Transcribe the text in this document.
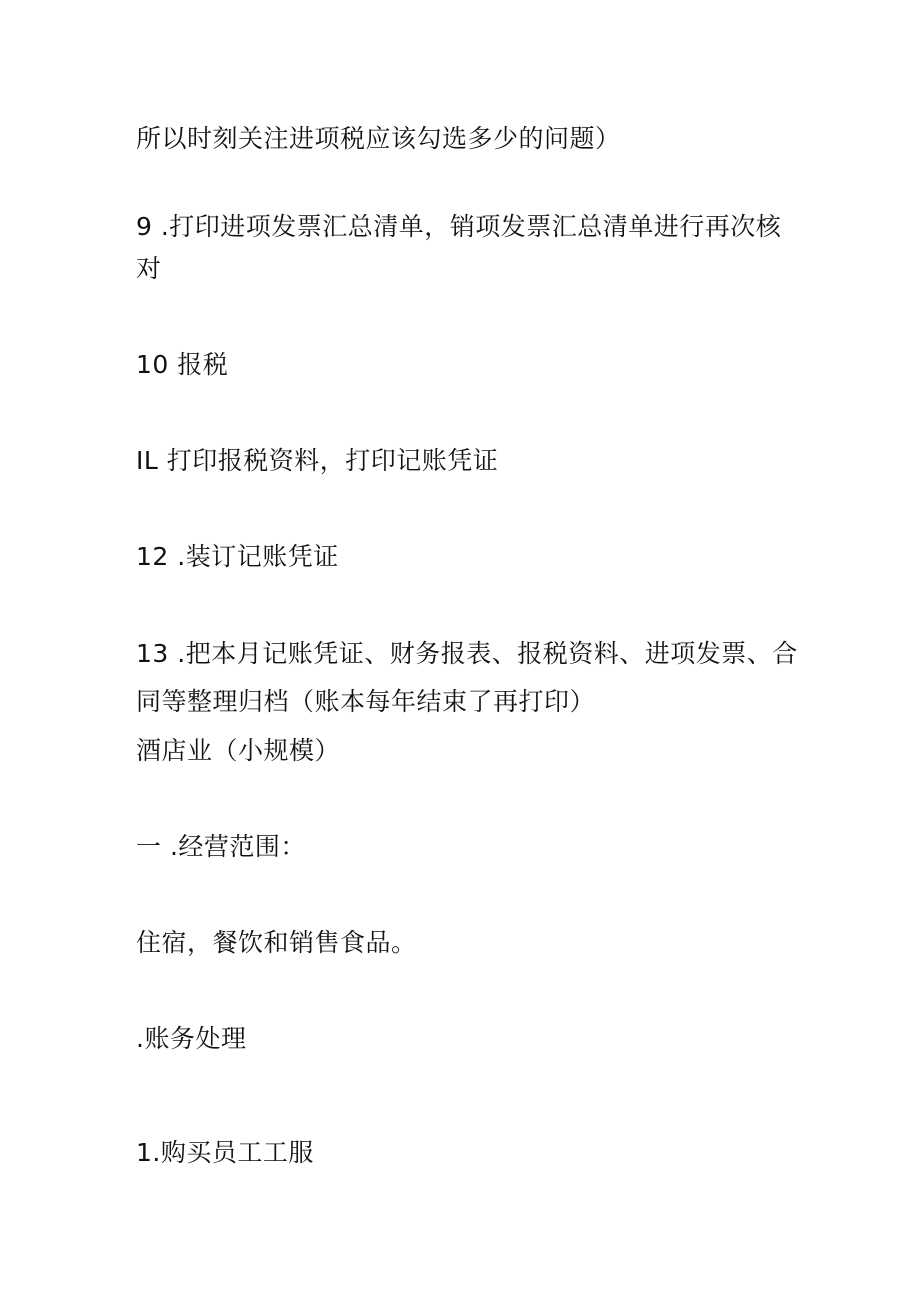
所以时刻关注进项税应该勾选多少的问题）
9 .打印进项发票汇总清单，销项发票汇总清单进行再次核
对
10 报税
IL 打印报税资料，打印记账凭证
12 .装订记账凭证
13 .把本月记账凭证、财务报表、报税资料、进项发票、合
同等整理归档（账本每年结束了再打印）
酒店业（小规模）
一 .经营范围：
住宿，餐饮和销售食品。
.账务处理
1.购买员工工服
